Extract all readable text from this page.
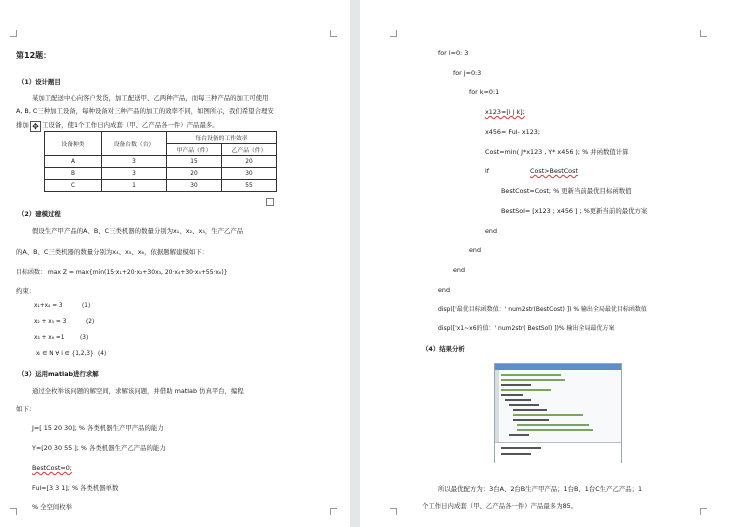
第12题：
（1）设计题目
某加工配送中心向客户发货，加工配送甲、乙两种产品，而每三种产品的加工可使用
A, B, C三种加工设备，每种设备对三种产品的加工的效率不同，如图所示，我们希望合理安
排加 ✥ 工设备，使1个工作日内成套（甲、乙产品各一件）产品最多。
设备种类	设备台数（台）	每台设备的工作效率	
		甲产品（件）	乙产品（件）
A	3	15	20
B	3	20	30
C	1	30	55
（2）建模过程
假设生产甲产品的A、B、C三类机器的数量分别为x₁、x₂、x₃，生产乙产品
的A、B、C三类机器的数量分别为x₄、x₅、x₆，依据题解建模如下：
目标函数： max Z = max{min(15·x₁+20·x₂+30x₃, 20·x₄+30·x₅+55·x₆)}
约束：
x₁+x₄ = 3	(1)
x₂ + x₅ = 3	(2)
x₃ + x₆ =1	(3)
xᵢ ∈ N ∀ i ∈ {1,2,3} (4)
（3）运用matlab进行求解
通过全枚举该问题的解空间，求解该问题，并借助 matlab 仿真平台，编程
如下：
J=[ 15 20 30]; % 各类机器生产甲产品的能力
Y=[20 30 55 ]; % 各类机器生产乙产品的能力
BestCost=0;
Ful=[3 3 1]; % 各类机器单数
% 全空间枚举
for i=0: 3
for j=0:3
for k=0:1
x123=[i j k];
x456= Ful- x123;
Cost=min( J*x123 , Y* x456 ); % 并函数值计算
if	Cost>BestCost
BestCost=Cost; % 更新当前最优目标函数值
BestSol= [x123 ; x456 ] ; %更新当前的最优方案
end
end
end
end
disp(['最优目标函数值：' num2str(BestCost) ]) % 输出全局最优目标函数值
disp(['x1~x6的值：' num2str( BestSol) ])% 输出全局最优方案
（4）结果分析
所以最优配方为：3台A、2台B生产甲产品；1台B、1台C生产乙产品；1
个工作日内成套（甲、乙产品各一件）产品最多为85。
